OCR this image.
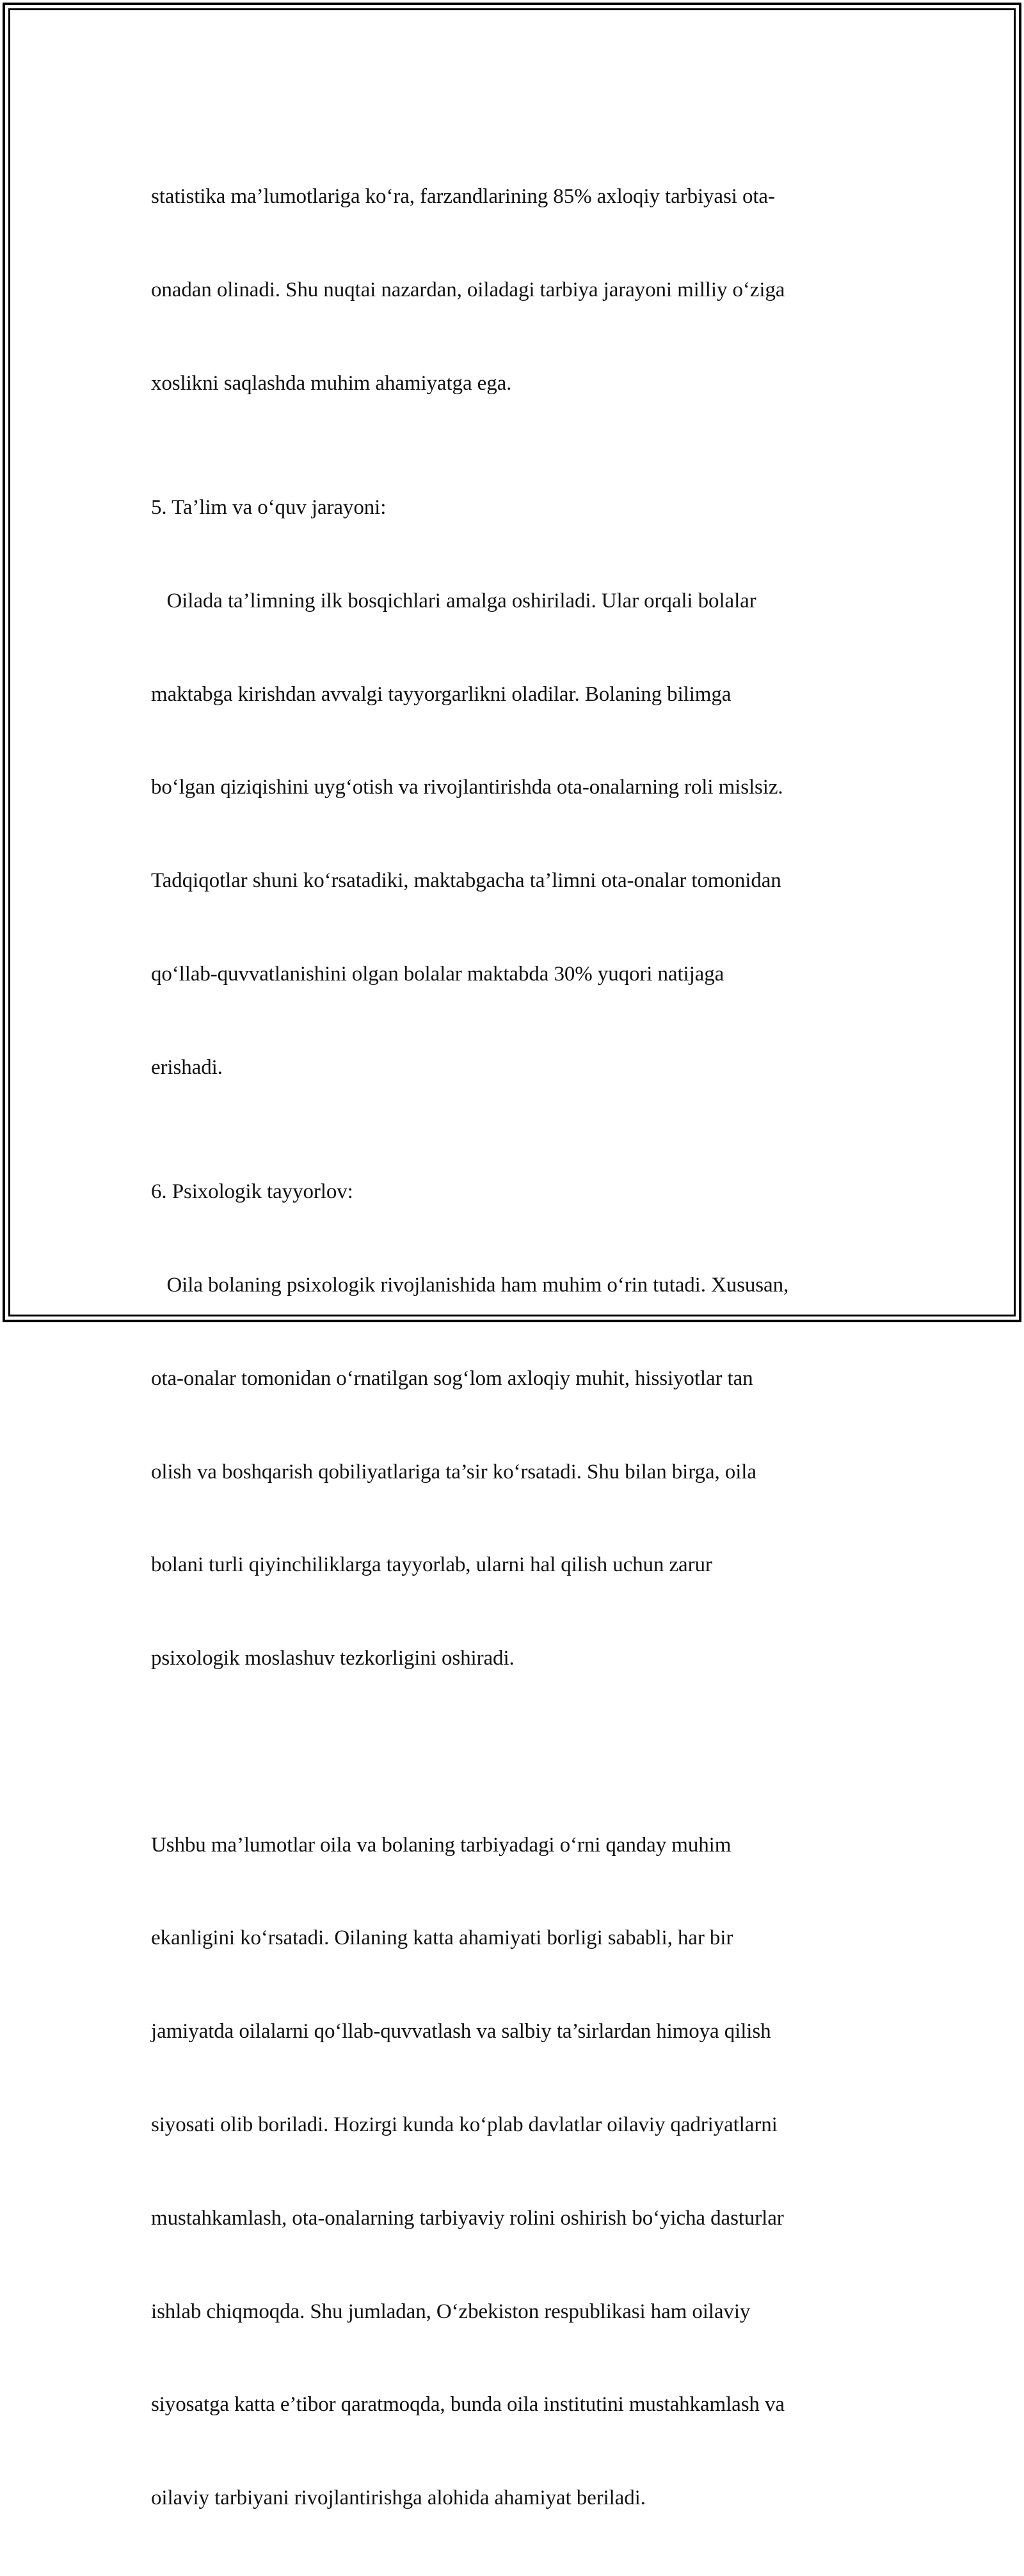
statistika ma’lumotlariga ko‘ra, farzandlarining 85% axloqiy tarbiyasi ota-

onadan olinadi. Shu nuqtai nazardan, oiladagi tarbiya jarayoni milliy o‘ziga

xoslikni saqlashda muhim ahamiyatga ega.

5. Ta’lim va o‘quv jarayoni:

Oilada ta’limning ilk bosqichlari amalga oshiriladi. Ular orqali bolalar

maktabga kirishdan avvalgi tayyorgarlikni oladilar. Bolaning bilimga

bo‘lgan qiziqishini uyg‘otish va rivojlantirishda ota-onalarning roli mislsiz.

Tadqiqotlar shuni ko‘rsatadiki, maktabgacha ta’limni ota-onalar tomonidan

qo‘llab-quvvatlanishini olgan bolalar maktabda 30% yuqori natijaga

erishadi.

6. Psixologik tayyorlov:

Oila bolaning psixologik rivojlanishida ham muhim o‘rin tutadi. Xususan,

ota-onalar tomonidan o‘rnatilgan sog‘lom axloqiy muhit, hissiyotlar tan

olish va boshqarish qobiliyatlariga ta’sir ko‘rsatadi. Shu bilan birga, oila

bolani turli qiyinchiliklarga tayyorlab, ularni hal qilish uchun zarur

psixologik moslashuv tezkorligini oshiradi.

Ushbu ma’lumotlar oila va bolaning tarbiyadagi o‘rni qanday muhim

ekanligini ko‘rsatadi. Oilaning katta ahamiyati borligi sababli, har bir

jamiyatda oilalarni qo‘llab-quvvatlash va salbiy ta’sirlardan himoya qilish

siyosati olib boriladi. Hozirgi kunda ko‘plab davlatlar oilaviy qadriyatlarni

mustahkamlash, ota-onalarning tarbiyaviy rolini oshirish bo‘yicha dasturlar

ishlab chiqmoqda. Shu jumladan, O‘zbekiston respublikasi ham oilaviy

siyosatga katta e’tibor qaratmoqda, bunda oila institutini mustahkamlash va

oilaviy tarbiyani rivojlantirishga alohida ahamiyat beriladi.
